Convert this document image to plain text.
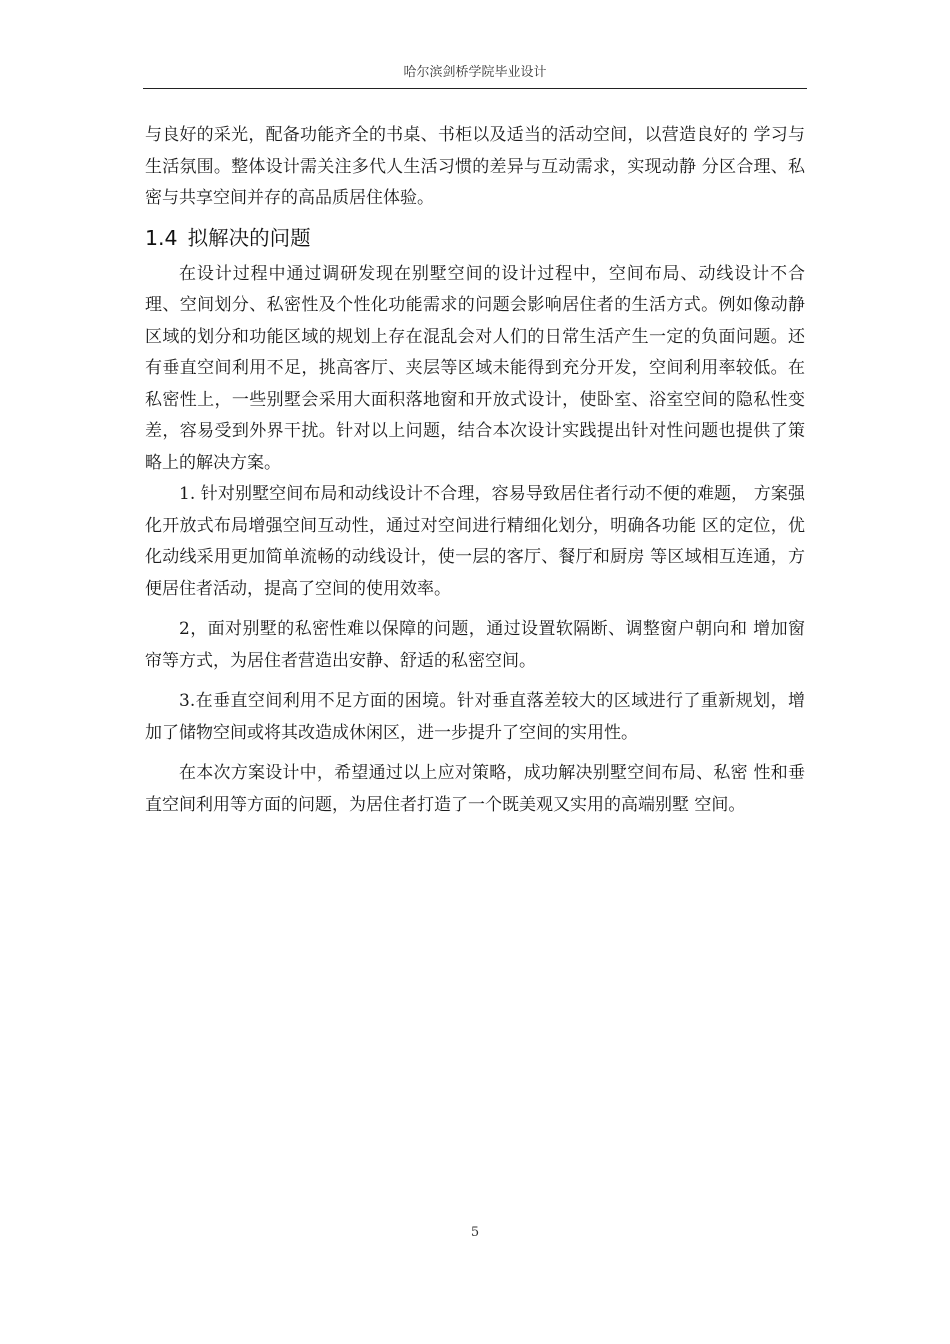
哈尔滨剑桥学院毕业设计

与良好的采光，配备功能齐全的书桌、书柜以及适当的活动空间，以营造良好的 学习与生活氛围。整体设计需关注多代人生活习惯的差异与互动需求，实现动静 分区合理、私密与共享空间并存的高品质居住体验。

1.4 拟解决的问题

在设计过程中通过调研发现在别墅空间的设计过程中，空间布局、动线设计不合理、空间划分、私密性及个性化功能需求的问题会影响居住者的生活方式。例如像动静区域的划分和功能区域的规划上存在混乱会对人们的日常生活产生一定的负面问题。还有垂直空间利用不足，挑高客厅、夹层等区域未能得到充分开发，空间利用率较低。在私密性上，一些别墅会采用大面积落地窗和开放式设计，使卧室、浴室空间的隐私性变差，容易受到外界干扰。针对以上问题，结合本次设计实践提出针对性问题也提供了策略上的解决方案。

1. 针对别墅空间布局和动线设计不合理，容易导致居住者行动不便的难题， 方案强化开放式布局增强空间互动性，通过对空间进行精细化划分，明确各功能 区的定位，优化动线采用更加简单流畅的动线设计，使一层的客厅、餐厅和厨房 等区域相互连通，方便居住者活动，提高了空间的使用效率。

2，面对别墅的私密性难以保障的问题，通过设置软隔断、调整窗户朝向和 增加窗帘等方式，为居住者营造出安静、舒适的私密空间。

3.在垂直空间利用不足方面的困境。针对垂直落差较大的区域进行了重新规划，增加了储物空间或将其改造成休闲区，进一步提升了空间的实用性。

在本次方案设计中，希望通过以上应对策略，成功解决别墅空间布局、私密 性和垂直空间利用等方面的问题，为居住者打造了一个既美观又实用的高端别墅 空间。

5
